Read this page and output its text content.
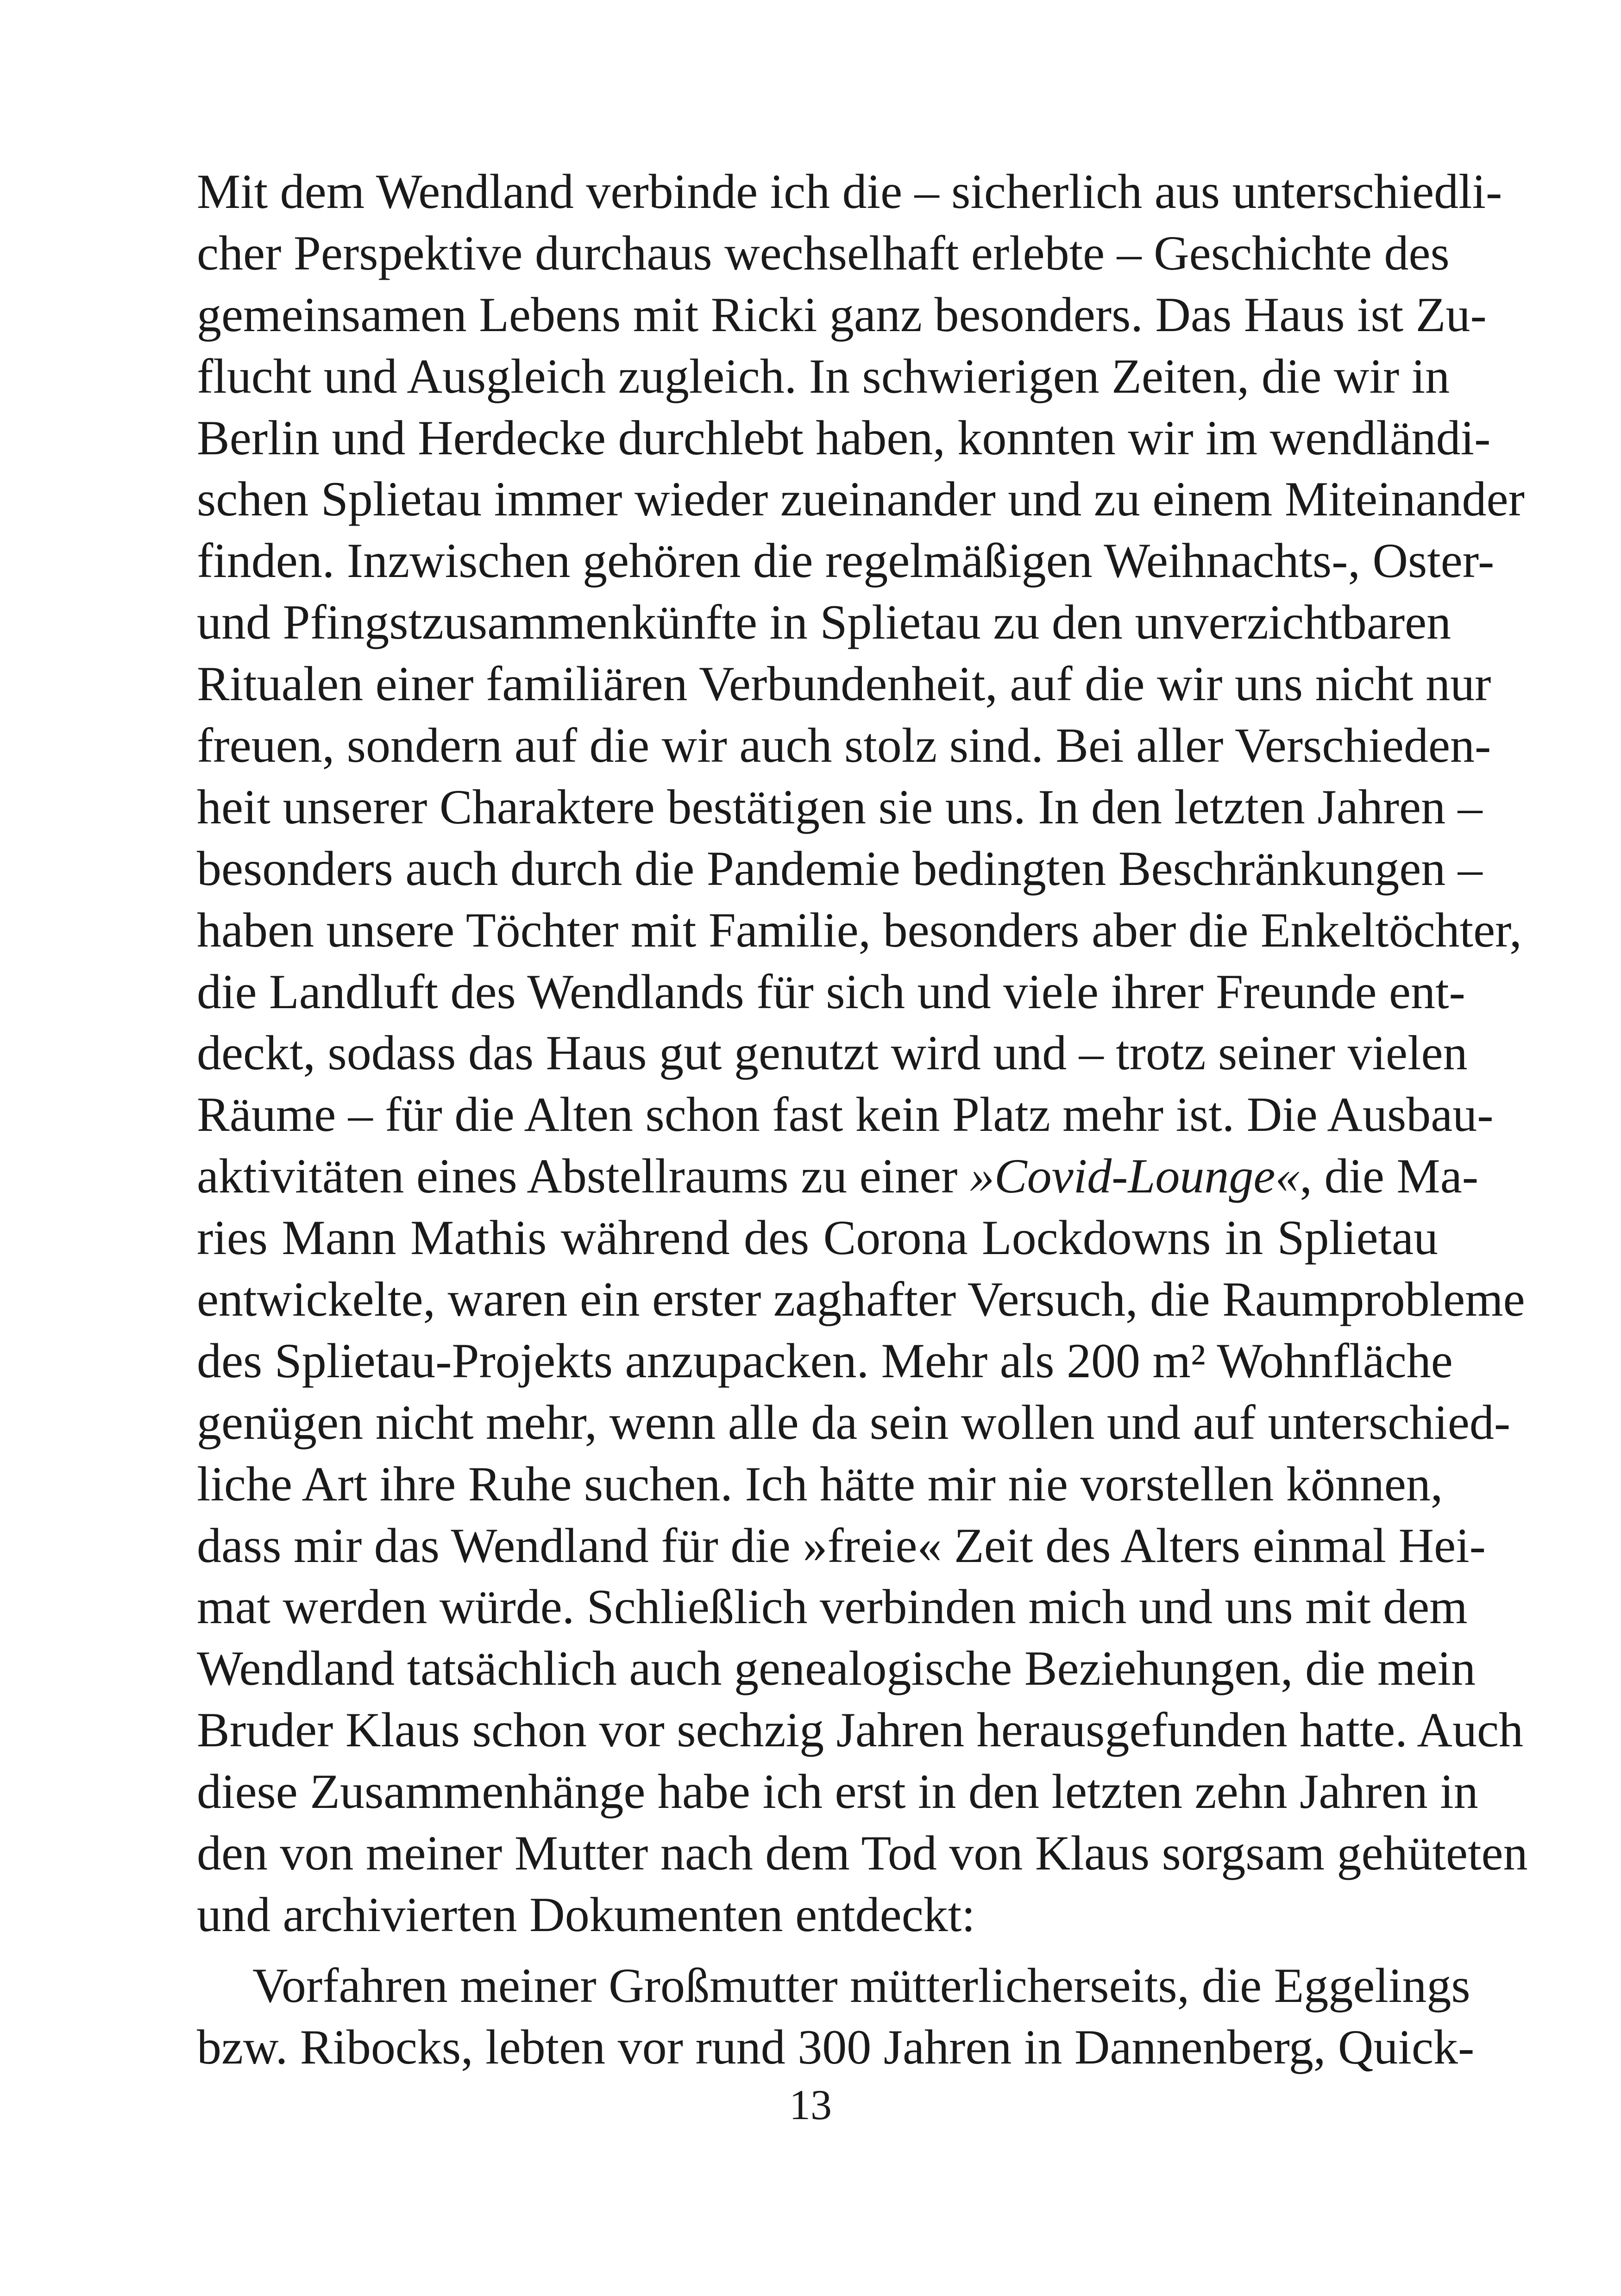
Mit dem Wendland verbinde ich die – sicherlich aus unterschiedli-
cher Perspektive durchaus wechselhaft erlebte – Geschichte des
gemeinsamen Lebens mit Ricki ganz besonders. Das Haus ist Zu-
flucht und Ausgleich zugleich. In schwierigen Zeiten, die wir in
Berlin und Herdecke durchlebt haben, konnten wir im wendländi-
schen Splietau immer wieder zueinander und zu einem Miteinander
finden. Inzwischen gehören die regelmäßigen Weihnachts-, Oster-
und Pfingstzusammenkünfte in Splietau zu den unverzichtbaren
Ritualen einer familiären Verbundenheit, auf die wir uns nicht nur
freuen, sondern auf die wir auch stolz sind. Bei aller Verschieden-
heit unserer Charaktere bestätigen sie uns. In den letzten Jahren –
besonders auch durch die Pandemie bedingten Beschränkungen –
haben unsere Töchter mit Familie, besonders aber die Enkeltöchter,
die Landluft des Wendlands für sich und viele ihrer Freunde ent-
deckt, sodass das Haus gut genutzt wird und – trotz seiner vielen
Räume – für die Alten schon fast kein Platz mehr ist. Die Ausbau-
aktivitäten eines Abstellraums zu einer »Covid-Lounge«, die Ma-
ries Mann Mathis während des Corona Lockdowns in Splietau
entwickelte, waren ein erster zaghafter Versuch, die Raumprobleme
des Splietau-Projekts anzupacken. Mehr als 200 m² Wohnfläche
genügen nicht mehr, wenn alle da sein wollen und auf unterschied-
liche Art ihre Ruhe suchen. Ich hätte mir nie vorstellen können,
dass mir das Wendland für die »freie« Zeit des Alters einmal Hei-
mat werden würde. Schließlich verbinden mich und uns mit dem
Wendland tatsächlich auch genealogische Beziehungen, die mein
Bruder Klaus schon vor sechzig Jahren herausgefunden hatte. Auch
diese Zusammenhänge habe ich erst in den letzten zehn Jahren in
den von meiner Mutter nach dem Tod von Klaus sorgsam gehüteten
und archivierten Dokumenten entdeckt:
Vorfahren meiner Großmutter mütterlicherseits, die Eggelings
bzw. Ribocks, lebten vor rund 300 Jahren in Dannenberg, Quick-
13
